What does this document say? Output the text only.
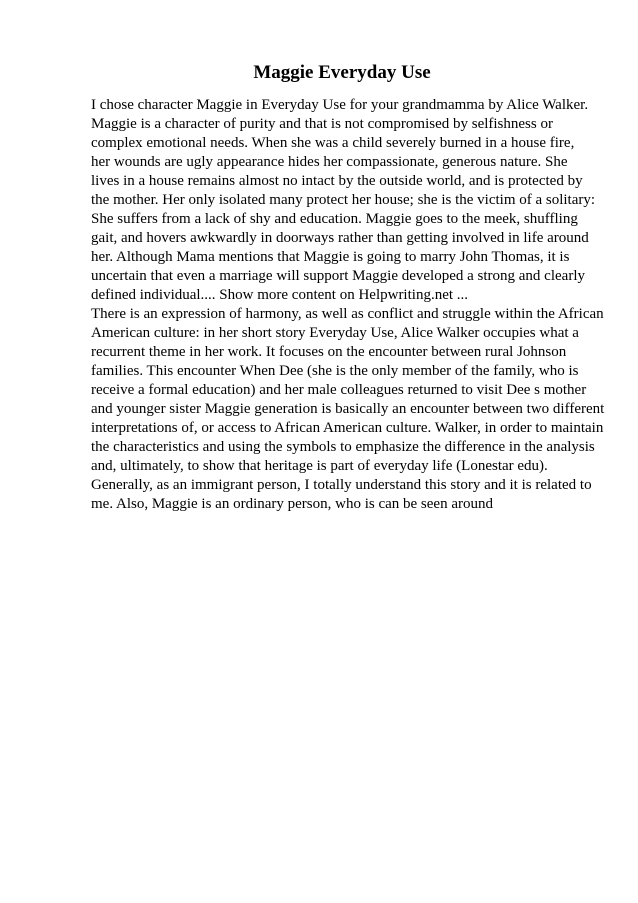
Maggie Everyday Use
I chose character Maggie in Everyday Use for your grandmamma by Alice Walker.
Maggie is a character of purity and that is not compromised by selfishness or
complex emotional needs. When she was a child severely burned in a house fire,
her wounds are ugly appearance hides her compassionate, generous nature. She
lives in a house remains almost no intact by the outside world, and is protected by
the mother. Her only isolated many protect her house; she is the victim of a solitary:
She suffers from a lack of shy and education. Maggie goes to the meek, shuffling
gait, and hovers awkwardly in doorways rather than getting involved in life around
her. Although Mama mentions that Maggie is going to marry John Thomas, it is
uncertain that even a marriage will support Maggie developed a strong and clearly
defined individual.... Show more content on Helpwriting.net ...
There is an expression of harmony, as well as conflict and struggle within the African
American culture: in her short story Everyday Use, Alice Walker occupies what a
recurrent theme in her work. It focuses on the encounter between rural Johnson
families. This encounter When Dee (she is the only member of the family, who is
receive a formal education) and her male colleagues returned to visit Dee s mother
and younger sister Maggie generation is basically an encounter between two different
interpretations of, or access to African American culture. Walker, in order to maintain
the characteristics and using the symbols to emphasize the difference in the analysis
and, ultimately, to show that heritage is part of everyday life (Lonestar edu).
Generally, as an immigrant person, I totally understand this story and it is related to
me. Also, Maggie is an ordinary person, who is can be seen around
